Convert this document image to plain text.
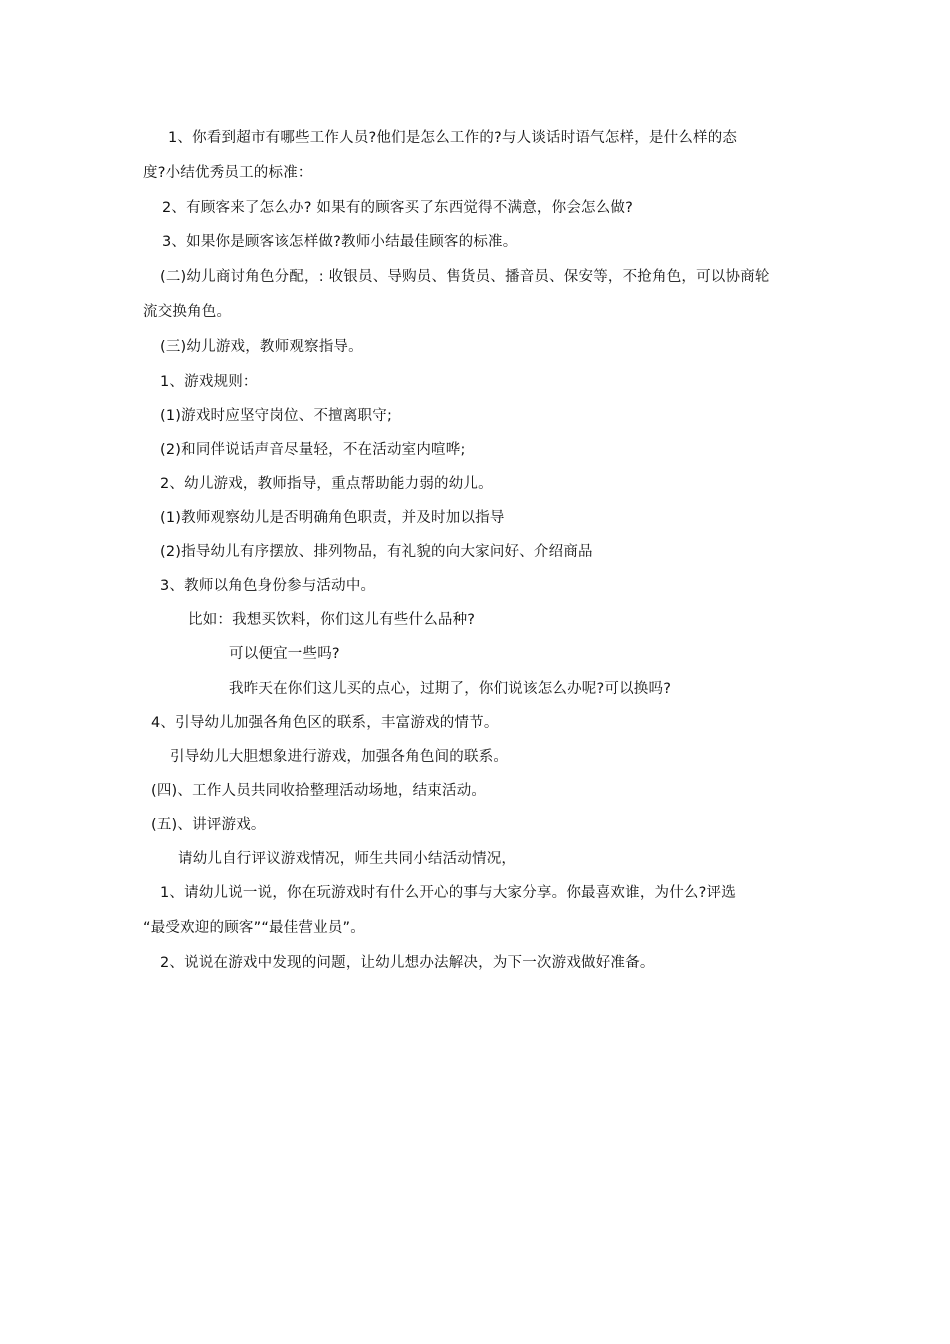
1、你看到超市有哪些工作人员?他们是怎么工作的?与人谈话时语气怎样，是什么样的态
度?小结优秀员工的标准：
2、有顾客来了怎么办? 如果有的顾客买了东西觉得不满意，你会怎么做?
3、如果你是顾客该怎样做?教师小结最佳顾客的标准。
(二)幼儿商讨角色分配，: 收银员、导购员、售货员、播音员、保安等，不抢角色，可以协商轮
流交换角色。
(三)幼儿游戏，教师观察指导。
1、游戏规则：
(1)游戏时应坚守岗位、不擅离职守;
(2)和同伴说话声音尽量轻，不在活动室内喧哗;
2、幼儿游戏，教师指导，重点帮助能力弱的幼儿。
(1)教师观察幼儿是否明确角色职责，并及时加以指导
(2)指导幼儿有序摆放、排列物品，有礼貌的向大家问好、介绍商品
3、教师以角色身份参与活动中。
比如：我想买饮料，你们这儿有些什么品种?
可以便宜一些吗?
我昨天在你们这儿买的点心，过期了，你们说该怎么办呢?可以换吗?
4、引导幼儿加强各角色区的联系，丰富游戏的情节。
引导幼儿大胆想象进行游戏，加强各角色间的联系。
(四)、工作人员共同收拾整理活动场地，结束活动。
(五)、讲评游戏。
请幼儿自行评议游戏情况，师生共同小结活动情况，
1、请幼儿说一说，你在玩游戏时有什么开心的事与大家分享。你最喜欢谁，为什么?评选
“最受欢迎的顾客”“最佳营业员”。
2、说说在游戏中发现的问题，让幼儿想办法解决，为下一次游戏做好准备。
